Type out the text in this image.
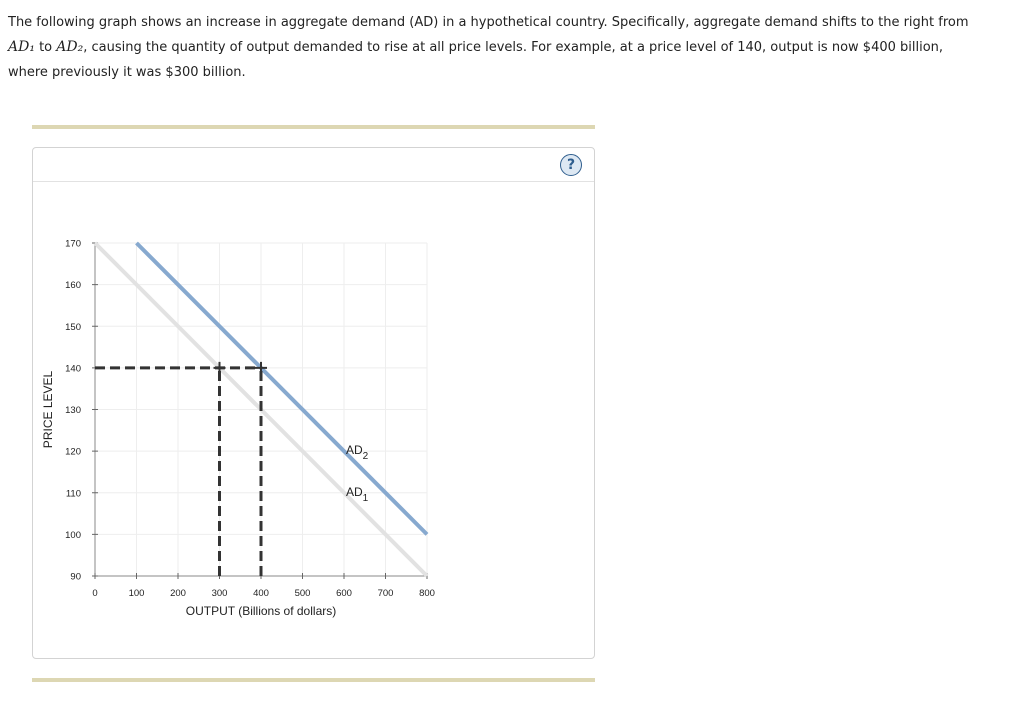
The following graph shows an increase in aggregate demand (AD) in a hypothetical country. Specifically, aggregate demand shifts to the right from
AD₁ to AD₂, causing the quantity of output demanded to rise at all price levels. For example, at a price level of 140, output is now $400 billion,
where previously it was $300 billion.
?
90
100
110
120
130
140
150
160
170
0	100	200	300	400	500	600	700	800
OUTPUT (Billions of dollars)
PRICE LEVEL
$AD_2$
$AD_1$
